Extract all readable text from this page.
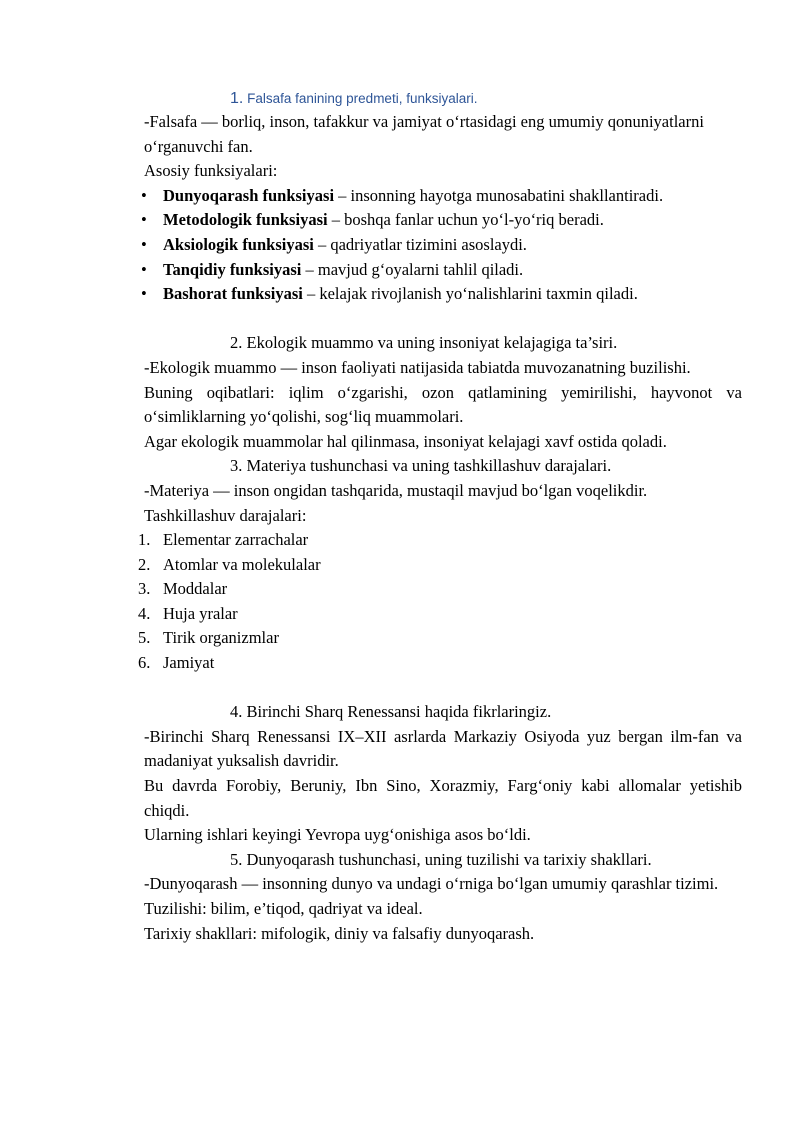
1. Falsafa fanining predmeti, funksiyalari.

-Falsafa — borliq, inson, tafakkur va jamiyat o‘rtasidagi eng umumiy qonuniyatlarni o‘rganuvchi fan.

Asosiy funksiyalari:

• Dunyoqarash funksiyasi – insonning hayotga munosabatini shakllantiradi.
• Metodologik funksiyasi – boshqa fanlar uchun yo‘l-yo‘riq beradi.
• Aksiologik funksiyasi – qadriyatlar tizimini asoslaydi.
• Tanqidiy funksiyasi – mavjud g‘oyalarni tahlil qiladi.
• Bashorat funksiyasi – kelajak rivojlanish yo‘nalishlarini taxmin qiladi.

2. Ekologik muammo va uning insoniyat kelajagiga ta’siri.

-Ekologik muammo — inson faoliyati natijasida tabiatda muvozanatning buzilishi.

Buning oqibatlari: iqlim o‘zgarishi, ozon qatlamining yemirilishi, hayvonot va o‘simliklarning yo‘qolishi, sog‘liq muammolari.

Agar ekologik muammolar hal qilinmasa, insoniyat kelajagi xavf ostida qoladi.

3. Materiya tushunchasi va uning tashkillashuv darajalari.

-Materiya — inson ongidan tashqarida, mustaqil mavjud bo‘lgan voqelikdir.

Tashkillashuv darajalari:

1. Elementar zarrachalar
2. Atomlar va molekulalar
3. Moddalar
4. Huja yralar
5. Tirik organizmlar
6. Jamiyat

4. Birinchi Sharq Renessansi haqida fikrlaringiz.

-Birinchi Sharq Renessansi IX–XII asrlarda Markaziy Osiyoda yuz bergan ilm-fan va madaniyat yuksalish davridir.

Bu davrda Forobiy, Beruniy, Ibn Sino, Xorazmiy, Farg‘oniy kabi allomalar yetishib chiqdi.

Ularning ishlari keyingi Yevropa uyg‘onishiga asos bo‘ldi.

5. Dunyoqarash tushunchasi, uning tuzilishi va tarixiy shakllari.

-Dunyoqarash — insonning dunyo va undagi o‘rniga bo‘lgan umumiy qarashlar tizimi.

Tuzilishi: bilim, e’tiqod, qadriyat va ideal.

Tarixiy shakllari: mifologik, diniy va falsafiy dunyoqarash.
